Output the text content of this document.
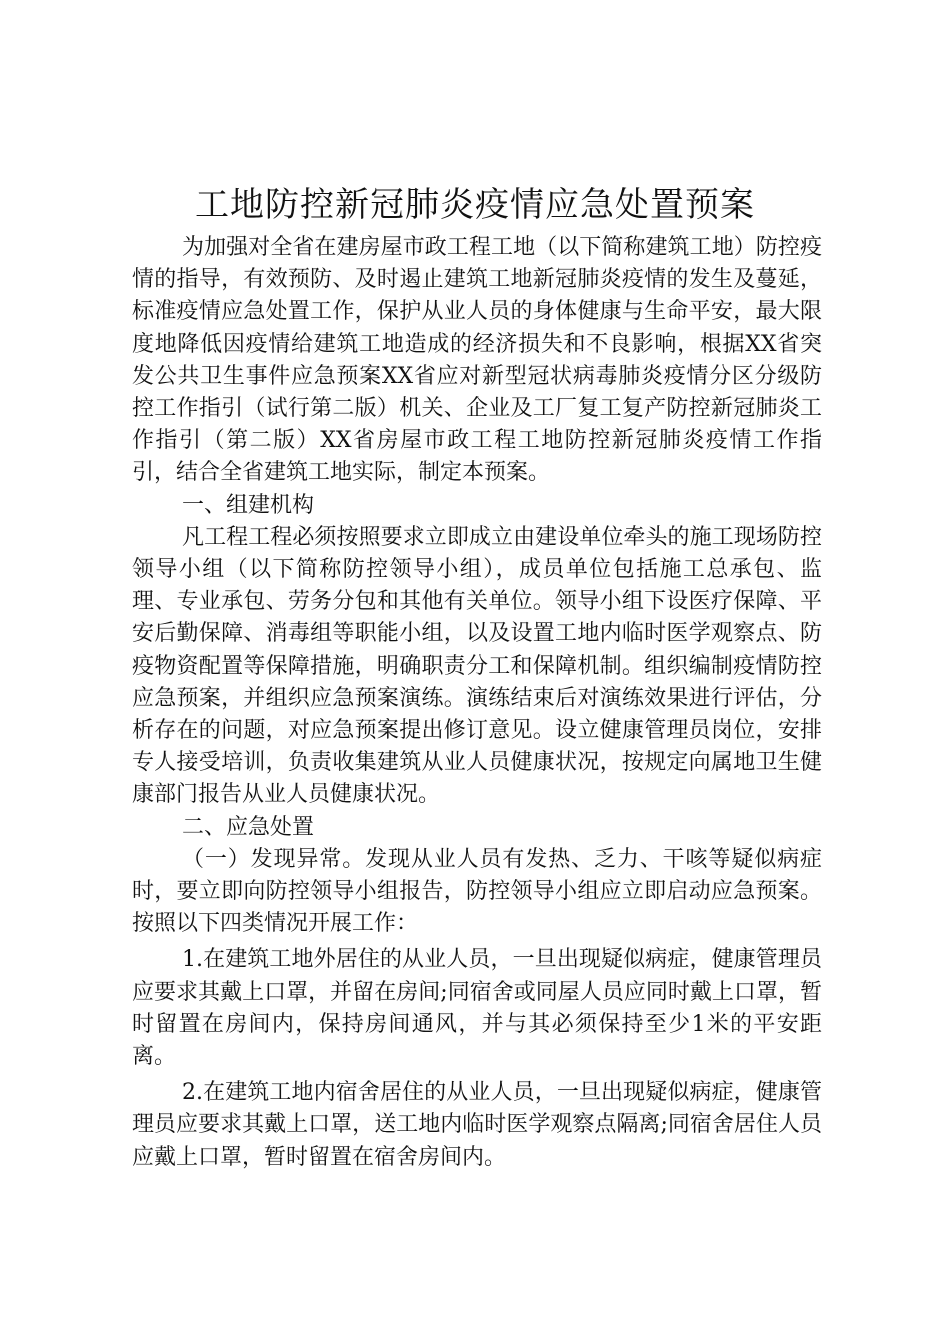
工地防控新冠肺炎疫情应急处置预案

为加强对全省在建房屋市政工程工地（以下简称建筑工地）防控疫情的指导，有效预防、及时遏止建筑工地新冠肺炎疫情的发生及蔓延，标准疫情应急处置工作，保护从业人员的身体健康与生命平安，最大限度地降低因疫情给建筑工地造成的经济损失和不良影响，根据XX省突发公共卫生事件应急预案XX省应对新型冠状病毒肺炎疫情分区分级防控工作指引（试行第二版）机关、企业及工厂复工复产防控新冠肺炎工作指引（第二版）XX省房屋市政工程工地防控新冠肺炎疫情工作指引，结合全省建筑工地实际，制定本预案。

一、组建机构

凡工程工程必须按照要求立即成立由建设单位牵头的施工现场防控领导小组（以下简称防控领导小组），成员单位包括施工总承包、监理、专业承包、劳务分包和其他有关单位。领导小组下设医疗保障、平安后勤保障、消毒组等职能小组，以及设置工地内临时医学观察点、防疫物资配置等保障措施，明确职责分工和保障机制。组织编制疫情防控应急预案，并组织应急预案演练。演练结束后对演练效果进行评估，分析存在的问题，对应急预案提出修订意见。设立健康管理员岗位，安排专人接受培训，负责收集建筑从业人员健康状况，按规定向属地卫生健康部门报告从业人员健康状况。

二、应急处置

（一）发现异常。发现从业人员有发热、乏力、干咳等疑似病症时，要立即向防控领导小组报告，防控领导小组应立即启动应急预案。按照以下四类情况开展工作：

1.在建筑工地外居住的从业人员，一旦出现疑似病症，健康管理员应要求其戴上口罩，并留在房间;同宿舍或同屋人员应同时戴上口罩，暂时留置在房间内，保持房间通风，并与其必须保持至少1米的平安距离。

2.在建筑工地内宿舍居住的从业人员，一旦出现疑似病症，健康管理员应要求其戴上口罩，送工地内临时医学观察点隔离;同宿舍居住人员应戴上口罩，暂时留置在宿舍房间内。
